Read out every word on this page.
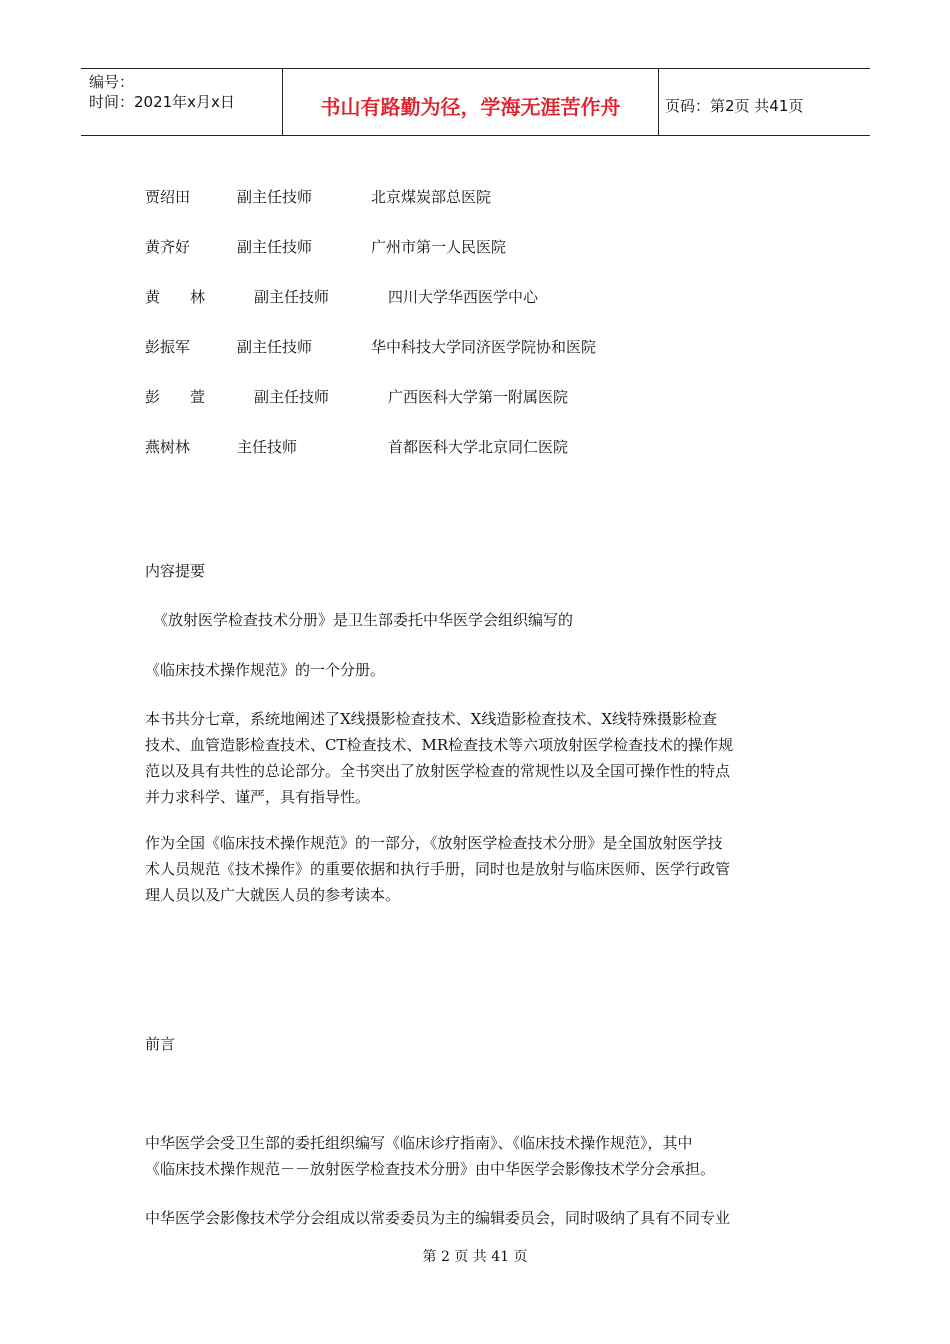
编号：
时间：2021年x月x日	书山有路勤为径，学海无涯苦作舟	页码：第2页 共41页
贾绍田	副主任技师	北京煤炭部总医院
黄齐好	副主任技师	广州市第一人民医院
黄　　林	副主任技师	四川大学华西医学中心
彭振军	副主任技师	华中科技大学同济医学院协和医院
彭　　萱	副主任技师	广西医科大学第一附属医院
燕树林	主任技师	首都医科大学北京同仁医院
内容提要
《放射医学检查技术分册》是卫生部委托中华医学会组织编写的
《临床技术操作规范》的一个分册。
本书共分七章，系统地阐述了X线摄影检查技术、X线造影检查技术、X线特殊摄影检查
技术、血管造影检查技术、CT检查技术、MR检查技术等六项放射医学检查技术的操作规
范以及具有共性的总论部分。全书突出了放射医学检查的常规性以及全国可操作性的特点
并力求科学、谨严，具有指导性。
作为全国《临床技术操作规范》的一部分，《放射医学检查技术分册》是全国放射医学技
术人员规范《技术操作》的重要依据和执行手册，同时也是放射与临床医师、医学行政管
理人员以及广大就医人员的参考读本。
前言
中华医学会受卫生部的委托组织编写《临床诊疗指南》、《临床技术操作规范》，其中
《临床技术操作规范－－放射医学检查技术分册》由中华医学会影像技术学分会承担。
中华医学会影像技术学分会组成以常委委员为主的编辑委员会，同时吸纳了具有不同专业
第 2 页 共 41 页
